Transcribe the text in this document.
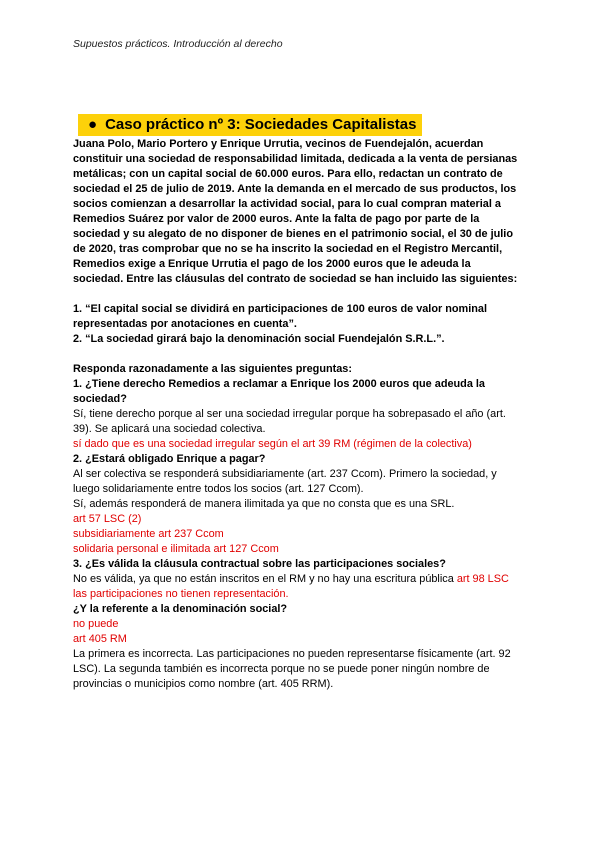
Supuestos prácticos. Introducción al derecho
● Caso práctico nº 3: Sociedades Capitalistas

Juana Polo, Mario Portero y Enrique Urrutia, vecinos de Fuendejalón, acuerdan

constituir una sociedad de responsabilidad limitada, dedicada a la venta de persianas

metálicas; con un capital social de 60.000 euros. Para ello, redactan un contrato de

sociedad el 25 de julio de 2019. Ante la demanda en el mercado de sus productos, los

socios comienzan a desarrollar la actividad social, para lo cual compran material a

Remedios Suárez por valor de 2000 euros. Ante la falta de pago por parte de la

sociedad y su alegato de no disponer de bienes en el patrimonio social, el 30 de julio

de 2020, tras comprobar que no se ha inscrito la sociedad en el Registro Mercantil,

Remedios exige a Enrique Urrutia el pago de los 2000 euros que le adeuda la

sociedad. Entre las cláusulas del contrato de sociedad se han incluido las siguientes:

1. “El capital social se dividirá en participaciones de 100 euros de valor nominal

representadas por anotaciones en cuenta”.

2. “La sociedad girará bajo la denominación social Fuendejalón S.R.L.”.

Responda razonadamente a las siguientes preguntas:

1. ¿Tiene derecho Remedios a reclamar a Enrique los 2000 euros que adeuda la

sociedad?

Sí, tiene derecho porque al ser una sociedad irregular porque ha sobrepasado el año (art.

39). Se aplicará una sociedad colectiva.

sí dado que es una sociedad irregular según el art 39 RM (régimen de la colectiva)

2. ¿Estará obligado Enrique a pagar?

Al ser colectiva se responderá subsidiariamente (art. 237 Ccom). Primero la sociedad, y

luego solidariamente entre todos los socios (art. 127 Ccom).

Sí, además responderá de manera ilimitada ya que no consta que es una SRL.

art 57 LSC (2)

subsidiariamente art 237 Ccom

solidaria personal e ilimitada art 127 Ccom

3. ¿Es válida la cláusula contractual sobre las participaciones sociales?

No es válida, ya que no están inscritos en el RM y no hay una escritura pública art 98 LSC

las participaciones no tienen representación.

¿Y la referente a la denominación social?

no puede

art 405 RM

La primera es incorrecta. Las participaciones no pueden representarse físicamente (art. 92

LSC). La segunda también es incorrecta porque no se puede poner ningún nombre de

provincias o municipios como nombre (art. 405 RRM).
